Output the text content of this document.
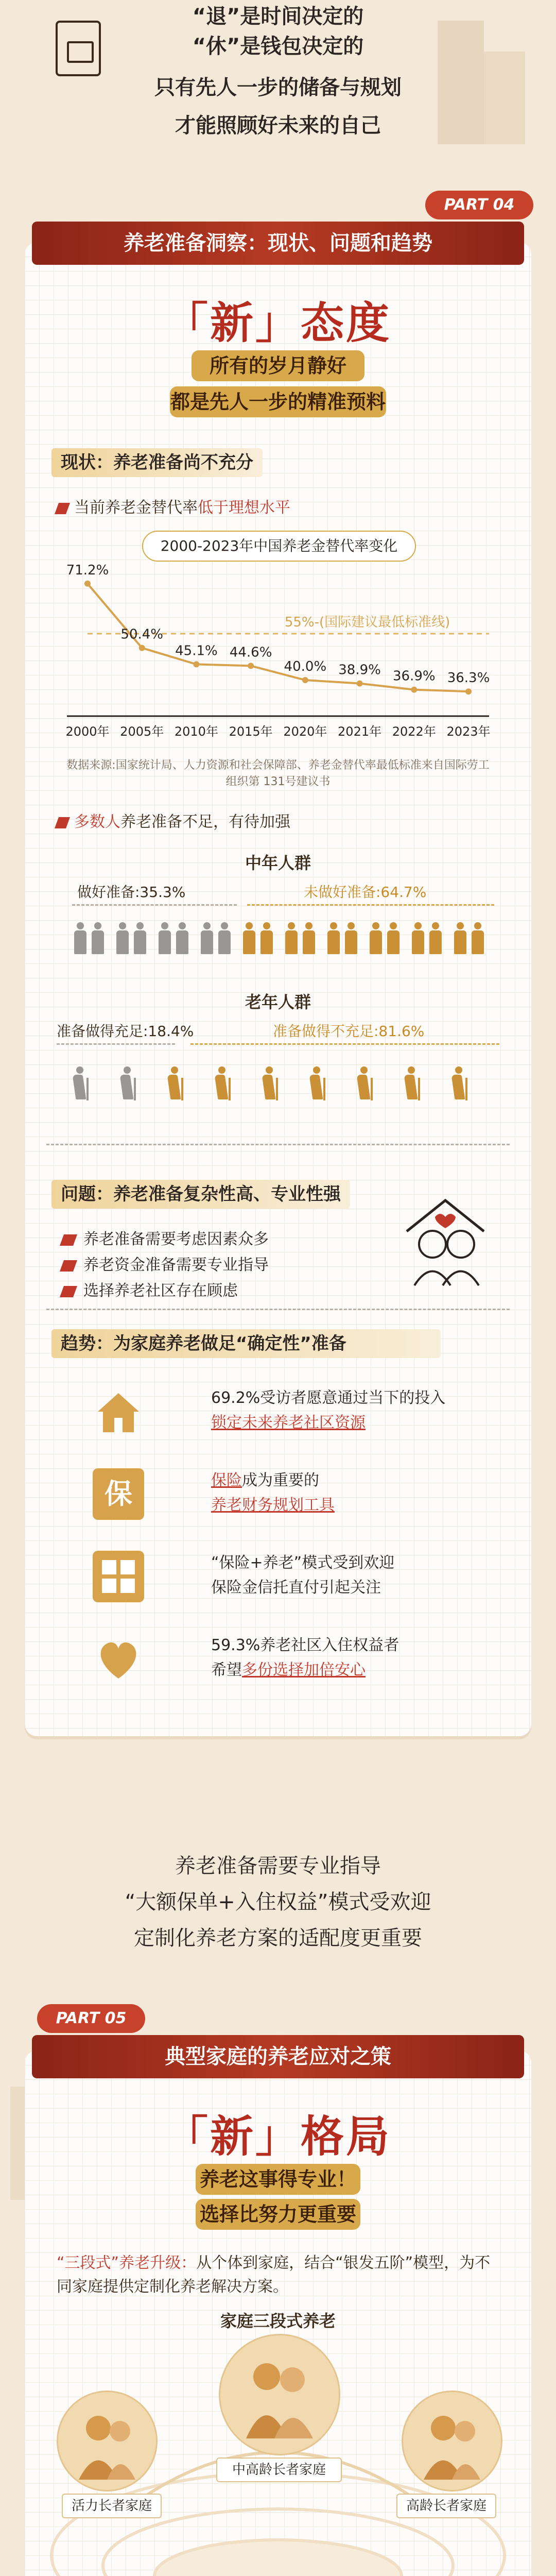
“退”是时间决定的
“休”是钱包决定的
只有先人一步的储备与规划
才能照顾好未来的自己
养老准备洞察：现状、问题和趋势
PART 04
「新」态度
所有的岁月静好
都是先人一步的精准预料
现状：养老准备尚不充分
当前养老金替代率低于理想水平
2000-2023年中国养老金替代率变化
55%-(国际建议最低标准线)
71.2%
2000年
50.4%
2005年
45.1%
2010年
44.6%
2015年
40.0%
2020年
38.9%
2021年
36.9%
2022年
36.3%
2023年
数据来源:国家统计局、人力资源和社会保障部、养老金替代率最低标准来自国际劳工组织第 131号建议书
多数人养老准备不足，有待加强
中年人群
做好准备:35.3%	未做好准备:64.7%
老年人群
准备做得充足:18.4%	准备做得不充足:81.6%
问题：养老准备复杂性高、专业性强
养老准备需要考虑因素众多
养老资金准备需要专业指导
选择养老社区存在顾虑
趋势：为家庭养老做足“确定性”准备
69.2%受访者愿意通过当下的投入
锁定未来养老社区资源
保	保险成为重要的
养老财务规划工具
“保险+养老”模式受到欢迎
保险金信托直付引起关注
59.3%养老社区入住权益者
希望多份选择加倍安心
养老准备需要专业指导
“大额保单+入住权益”模式受欢迎
定制化养老方案的适配度更重要
典型家庭的养老应对之策
PART 05
「新」格局
养老这事得专业！
选择比努力更重要
“三段式”养老升级：从个体到家庭，结合“银发五阶”模型，为不同家庭提供定制化养老解决方案。
家庭三段式养老
活力长者家庭
中高龄长者家庭
高龄长者家庭
